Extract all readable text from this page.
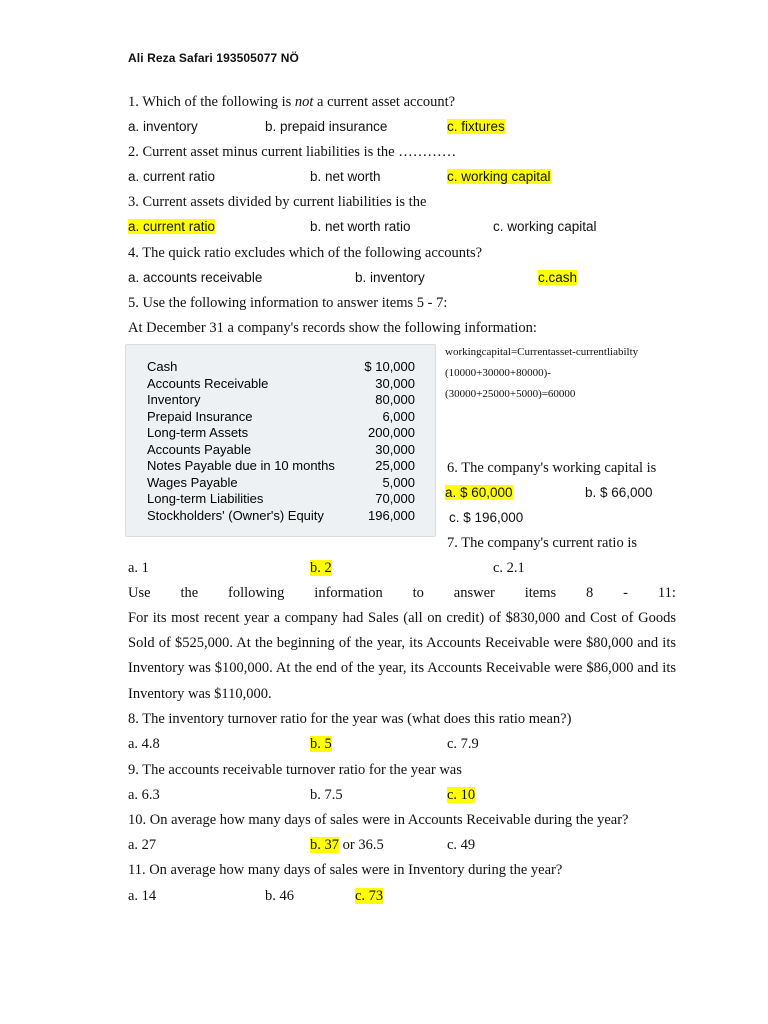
Ali Reza Safari 193505077 NÖ
1. Which of the following is not a current asset account?
a. inventory	b. prepaid insurance	c. fixtures
2. Current asset minus current liabilities is the …………
a. current ratio	b. net worth	c. working capital
3. Current assets divided by current liabilities is the
a. current ratio	b. net worth ratio	c. working capital
4. The quick ratio excludes which of the following accounts?
a. accounts receivable	b. inventory	c.cash
5. Use the following information to answer items 5 - 7:
At December 31 a company's records show the following information:
Cash	$ 10,000
Accounts Receivable	30,000
Inventory	80,000
Prepaid Insurance	6,000
Long-term Assets	200,000
Accounts Payable	30,000
Notes Payable due in 10 months	25,000
Wages Payable	5,000
Long-term Liabilities	70,000
Stockholders' (Owner's) Equity	196,000
workingcapital=Currentasset-currentliabilty
(10000+30000+80000)-
(30000+25000+5000)=60000
6. The company's working capital is
a. $ 60,000	b. $ 66,000
c. $ 196,000
7. The company's current ratio is
a. 1	b. 2	c. 2.1
Use the following information to answer items 8 - 11:
For its most recent year a company had Sales (all on credit) of $830,000 and Cost of Goods Sold of $525,000. At the beginning of the year, its Accounts Receivable were $80,000 and its Inventory was $100,000. At the end of the year, its Accounts Receivable were $86,000 and its Inventory was $110,000.
8. The inventory turnover ratio for the year was (what does this ratio mean?)
a. 4.8	b. 5	c. 7.9
9. The accounts receivable turnover ratio for the year was
a. 6.3	b. 7.5	c. 10
10. On average how many days of sales were in Accounts Receivable during the year?
a. 27	b. 37 or 36.5	c. 49
11. On average how many days of sales were in Inventory during the year?
a. 14	b. 46	c. 73
